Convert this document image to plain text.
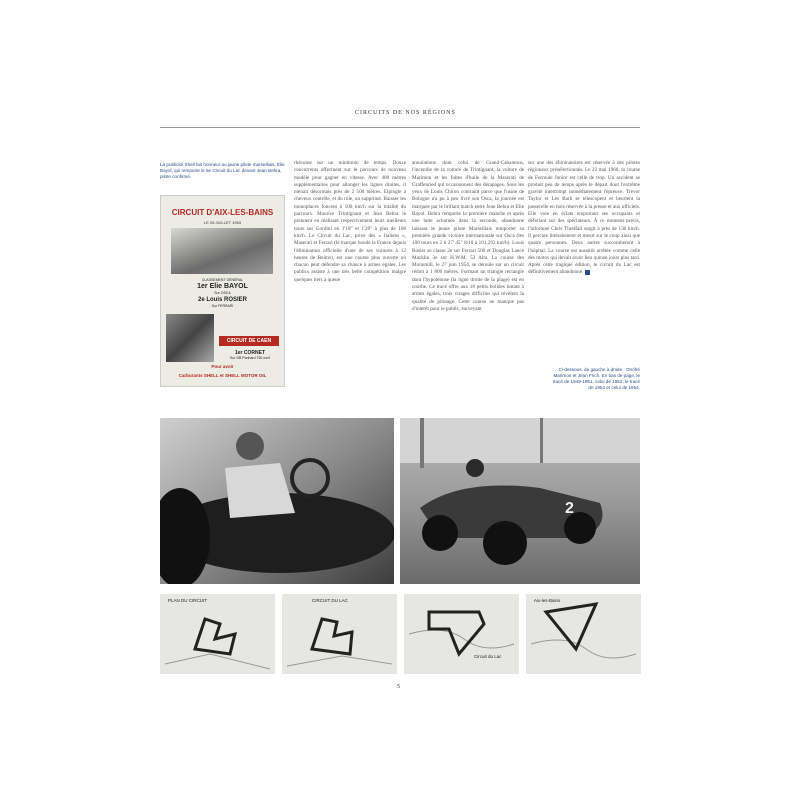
CIRCUITS DE NOS RÉGIONS
La publicité Shell fait honneur au jaune pilote marseillais, Élie Bayol, qui remporte le 5e Circuit du Lac devant Jean Behra, pilote confirmé.
CIRCUIT D'AIX-LES-BAINS
LE 26 JUILLET 1953
CLASSEMENT GÉNÉRAL
1er Elie BAYOL
Sur OSCA
2e Louis ROSIER
Sur FERRARI
CIRCUIT DE CAEN
1er CORNET
Sur DB Panhard 750 cm3
Pour avoir
Carburants SHELL et SHELL MOTOR OIL
rhécume sur un minimum de temps. Douze concurrents effectuent sur le parcours de nouveau modèle pour gagner en vitesse. Avec 400 mètres supplémentaires pour allonger les lignes droites, il menait désormais près de 2 500 mètres. Elpingle à cheveux contrôle, et du rôle, un supprimé. Baisser les monoplaces foncent à 100 km/h sur la totalité du parcours. Maurice Trintignant et Jean Behra le prennent en réalisant respectivement leurs meilleurs tours sur Gordini en 1'18" et 1'20" à plus de 108 km/h. Le Circuit du Lac, privé des « Italiens », Maserati et Ferrari (le marque boude la France depuis l'élimination officielle d'une de ses voitures à 12 heures de Reims), est une course plus ouverte où chacun peut défendre sa chance à armes égales. Les publics assiste à une très belle compétition malgré quelques tiers à queue
annulations dont celui de Grand-Cabantous, l'incendie de la voiture de Trintignant, la voiture de Marimon et les fuites d'huile de la Maserati de Graffenried qui occasionnent des dérapages. Sous les yeux de Louis Chiron contraint parce que l'usine de Bologne n'a pu à peu livré son Osca, la journée est marquée par le brillant match entre Jean Behra et Elie Bayol. Behra remporte la première manche et après une lutte acharnée dans la seconde, abandonne laissant le jeune pilote Marseillais remporter sa première grande victoire internationale sur Osca (les 100 tours en 2 h 27' 45" 8/10 à 101,293 km/h). Louis Rosier se classe 2e sur Ferrari 500 et Douglas Lance Macklin 3e sur H.W.M. 53 Alta. La course des Monomill, le 27 juin 1954, se déroule sur un circuit réduit à 1 800 mètres. Formant un triangle rectangle dont l'hypoténuse (la ligne droite de la plage) est en courbe. Ce tracé offre aux 18 petits bolides luttant à armes égales, trois virages difficiles qui révèlent la qualité de pilotage. Cette course ne manque pas d'intérêt pour le public, surveyant
sur une des éliminatoires est réservée à des pilotes régionaux présélectionnés. Le 22 mai 1960, la course de Formule Junior est celle de trop. Un accident se produit peu de temps après le départ dont l'extrême gravité interrompt immédiatement l'épreuve. Trevor Taylor et Les Barb se télescopent et heurtent la passerelle en bois réservée à la presse et aux officiels. Elle vole en éclats emportant ses occupants et déferlant sur des spectateurs. À ce moment précis, l'infortuné Chris Threlfall surgit à près de 130 km/h. Il percute littéralement et meurt sur le coup ainsi que quatre personnes. Deux autres succomberont à l'hôpital. La course est aussitôt arrêtée comme celle des motos qui devait avoir lieu quinze jours plus tard. Après cette tragique édition, le circuit du Lac est définitivement abandonné.
Ci-dessous, de gauche à droite : Onofré Marimon et Jean Frich. En bas de page, le tracé de 1949-1951, celui de 1952, le tracé de 1953 et celui de 1954.
2
PLAN DU CIRCUIT	CIRCUIT DU LAC
Circuit du Lac
Aix-les-Bains
5
